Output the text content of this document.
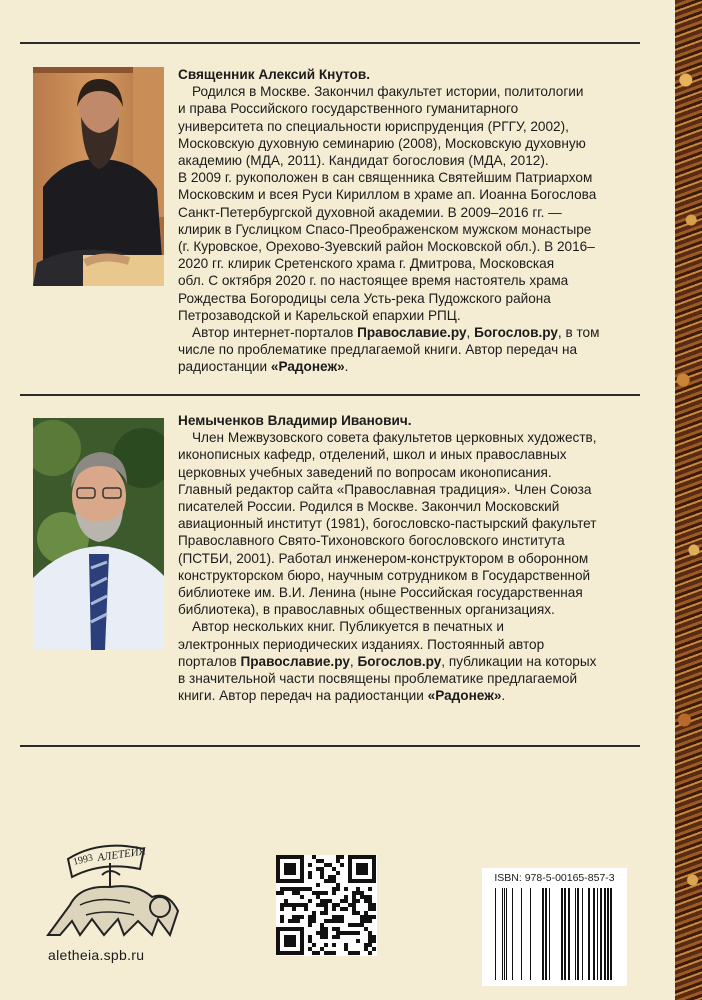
Священник Алексий Кнутов.

Родился в Москве. Закончил факультет истории, политологии

и права Российского государственного гуманитарного
университета по специальности юриспруденция (РГГУ, 2002),
Московскую духовную семинарию (2008), Московскую духовную
академию (МДА, 2011). Кандидат богословия (МДА, 2012).
В 2009 г. рукоположен в сан священника Святейшим Патриархом
Московским и всея Руси Кириллом в храме ап. Иоанна Богослова
Санкт-Петербургской духовной академии. В 2009–2016 гг. —
клирик в Гуслицком Спасо-Преображенском мужском монастыре
(г. Куровское, Орехово-Зуевский район Московской обл.). В 2016–
2020 гг. клирик Сретенского храма г. Дмитрова, Московская
обл. С октября 2020 г. по настоящее время настоятель храма
Рождества Богородицы села Усть-река Пудожского района
Петрозаводской и Карельской епархии РПЦ.

Автор интернет-порталов Православие.ру, Богослов.ру, в том

числе по проблематике предлагаемой книги. Автор передач на
радиостанции «Радонеж».

Немыченков Владимир Иванович.

Член Межвузовского совета факультетов церковных художеств,

иконописных кафедр, отделений, школ и иных православных
церковных учебных заведений по вопросам иконописания.
Главный редактор сайта «Православная традиция». Член Союза
писателей России. Родился в Москве. Закончил Московский
авиационный институт (1981), богословско-пастырский факультет
Православного Свято-Тихоновского богословского института
(ПСТБИ, 2001). Работал инженером-конструктором в оборонном
конструкторском бюро, научным сотрудником в Государственной
библиотеке им. В.И. Ленина (ныне Российская государственная
библиотека), в православных общественных организациях.

Автор нескольких книг. Публикуется в печатных и

электронных периодических изданиях. Постоянный автор
порталов Православие.ру, Богослов.ру, публикации на которых
в значительной части посвящены проблематике предлагаемой
книги. Автор передач на радиостанции «Радонеж».
1993 АЛЕТЕЙЯ
aletheia.spb.ru
ISBN: 978-5-00165-857-3
